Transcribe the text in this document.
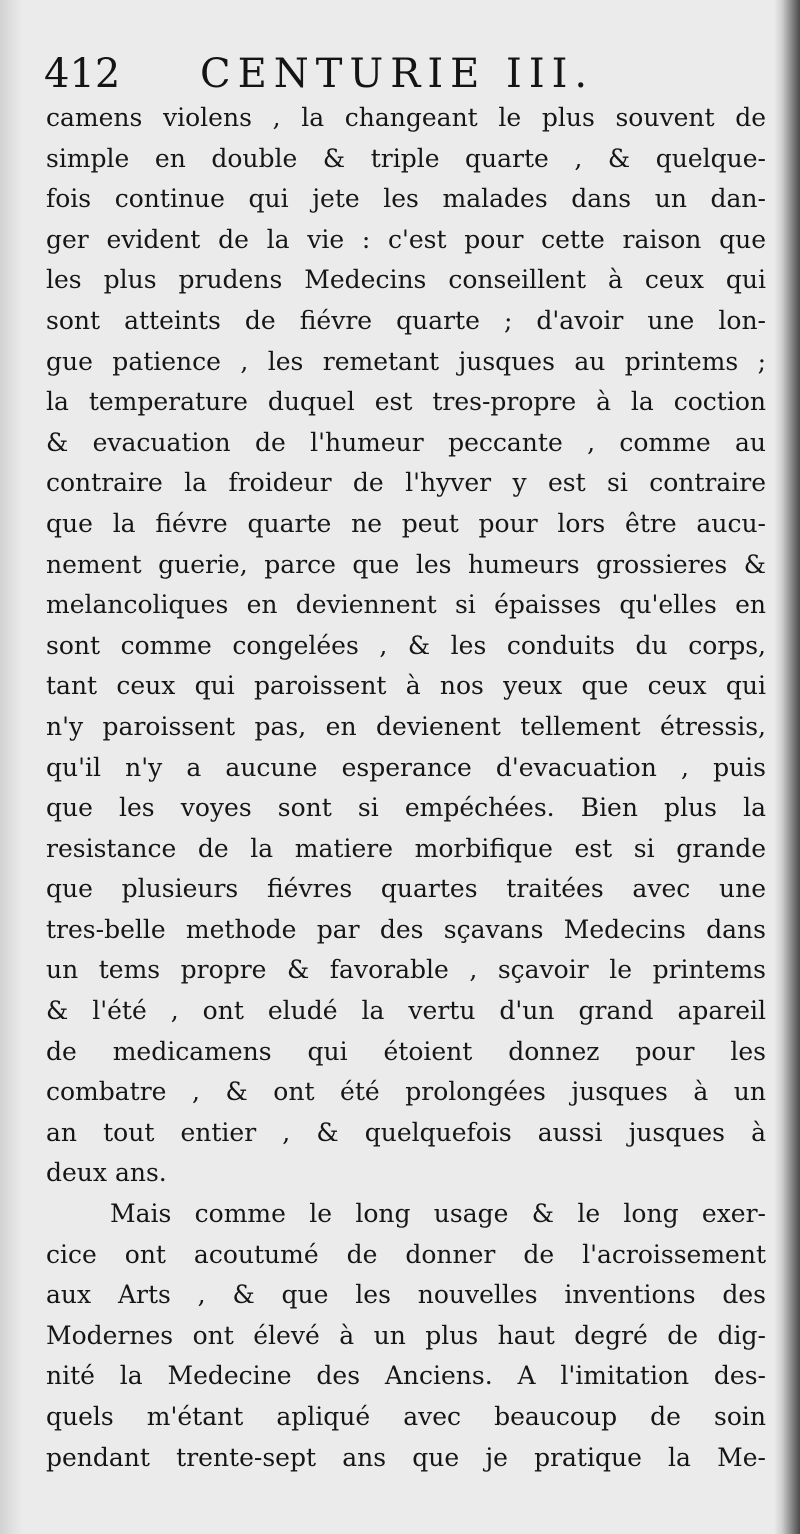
412 CENTURIE III.
camens violens , la changeant le plus souvent de
simple en double & triple quarte , & quelque-
fois continue qui jete les malades dans un dan-
ger evident de la vie : c'est pour cette raison que
les plus prudens Medecins conseillent à ceux qui
sont atteints de fiévre quarte ; d'avoir une lon-
gue patience , les remetant jusques au printems ;
la temperature duquel est tres-propre à la coction
& evacuation de l'humeur peccante , comme au
contraire la froideur de l'hyver y est si contraire
que la fiévre quarte ne peut pour lors être aucu-
nement guerie, parce que les humeurs grossieres &
melancoliques en deviennent si épaisses qu'elles en
sont comme congelées , & les conduits du corps,
tant ceux qui paroissent à nos yeux que ceux qui
n'y paroissent pas, en devienent tellement étressis,
qu'il n'y a aucune esperance d'evacuation , puis
que les voyes sont si empéchées. Bien plus la
resistance de la matiere morbifique est si grande
que plusieurs fiévres quartes traitées avec une
tres-belle methode par des sçavans Medecins dans
un tems propre & favorable , sçavoir le printems
& l'été , ont eludé la vertu d'un grand apareil
de medicamens qui étoient donnez pour les
combatre , & ont été prolongées jusques à un
an tout entier , & quelquefois aussi jusques à
deux ans.
Mais comme le long usage & le long exer-
cice ont acoutumé de donner de l'acroissement
aux Arts , & que les nouvelles inventions des
Modernes ont élevé à un plus haut degré de dig-
nité la Medecine des Anciens. A l'imitation des-
quels m'étant apliqué avec beaucoup de soin
pendant trente-sept ans que je pratique la Me-
